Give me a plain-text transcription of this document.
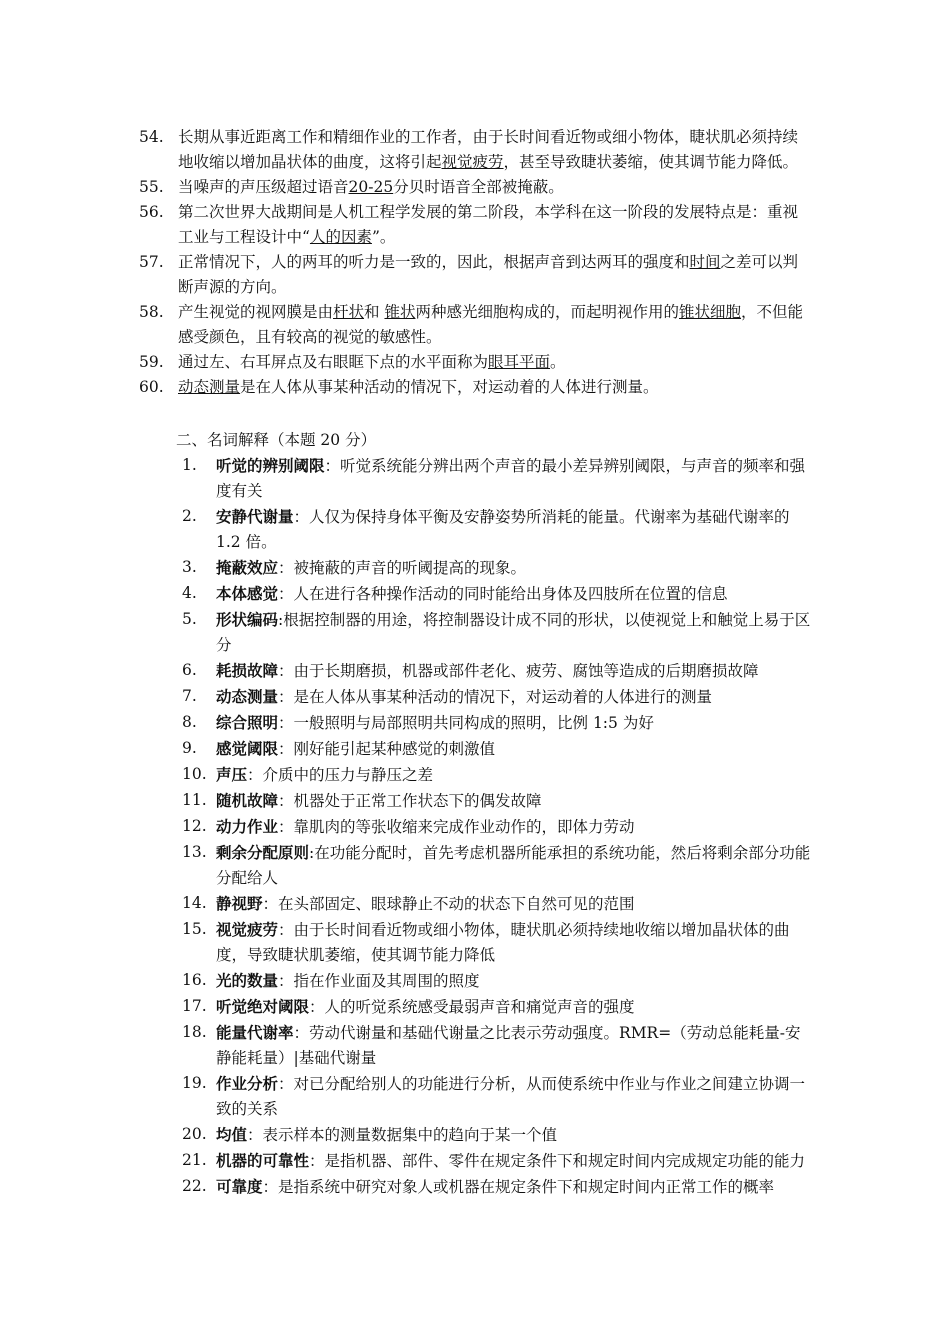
54. 长期从事近距离工作和精细作业的工作者，由于长时间看近物或细小物体，睫状肌必须持续地收缩以增加晶状体的曲度，这将引起视觉疲劳，甚至导致睫状萎缩，使其调节能力降低。
55. 当噪声的声压级超过语音20-25分贝时语音全部被掩蔽。
56. 第二次世界大战期间是人机工程学发展的第二阶段，本学科在这一阶段的发展特点是：重视工业与工程设计中“人的因素”。
57. 正常情况下，人的两耳的听力是一致的，因此，根据声音到达两耳的强度和时间之差可以判断声源的方向。
58. 产生视觉的视网膜是由杆状和 锥状两种感光细胞构成的，而起明视作用的锥状细胞，不但能感受颜色，且有较高的视觉的敏感性。
59. 通过左、右耳屏点及右眼眶下点的水平面称为眼耳平面。
60. 动态测量是在人体从事某种活动的情况下，对运动着的人体进行测量。
二、名词解释（本题 20 分）
1. 听觉的辨别阈限：听觉系统能分辨出两个声音的最小差异辨别阈限，与声音的频率和强度有关
2. 安静代谢量：人仅为保持身体平衡及安静姿势所消耗的能量。代谢率为基础代谢率的 1.2 倍。
3. 掩蔽效应：被掩蔽的声音的听阈提高的现象。
4. 本体感觉：人在进行各种操作活动的同时能给出身体及四肢所在位置的信息
5. 形状编码:根据控制器的用途，将控制器设计成不同的形状，以使视觉上和触觉上易于区分
6. 耗损故障：由于长期磨损，机器或部件老化、疲劳、腐蚀等造成的后期磨损故障
7. 动态测量：是在人体从事某种活动的情况下，对运动着的人体进行的测量
8. 综合照明：一般照明与局部照明共同构成的照明，比例 1:5 为好
9. 感觉阈限：刚好能引起某种感觉的刺激值
10. 声压：介质中的压力与静压之差
11. 随机故障：机器处于正常工作状态下的偶发故障
12. 动力作业：靠肌肉的等张收缩来完成作业动作的，即体力劳动
13. 剩余分配原则:在功能分配时，首先考虑机器所能承担的系统功能，然后将剩余部分功能分配给人
14. 静视野：在头部固定、眼球静止不动的状态下自然可见的范围
15. 视觉疲劳：由于长时间看近物或细小物体，睫状肌必须持续地收缩以增加晶状体的曲度，导致睫状肌萎缩，使其调节能力降低
16. 光的数量：指在作业面及其周围的照度
17. 听觉绝对阈限：人的听觉系统感受最弱声音和痛觉声音的强度
18. 能量代谢率：劳动代谢量和基础代谢量之比表示劳动强度。RMR=（劳动总能耗量-安静能耗量）|基础代谢量
19. 作业分析：对已分配给别人的功能进行分析，从而使系统中作业与作业之间建立协调一致的关系
20. 均值：表示样本的测量数据集中的趋向于某一个值
21. 机器的可靠性：是指机器、部件、零件在规定条件下和规定时间内完成规定功能的能力
22. 可靠度：是指系统中研究对象人或机器在规定条件下和规定时间内正常工作的概率
